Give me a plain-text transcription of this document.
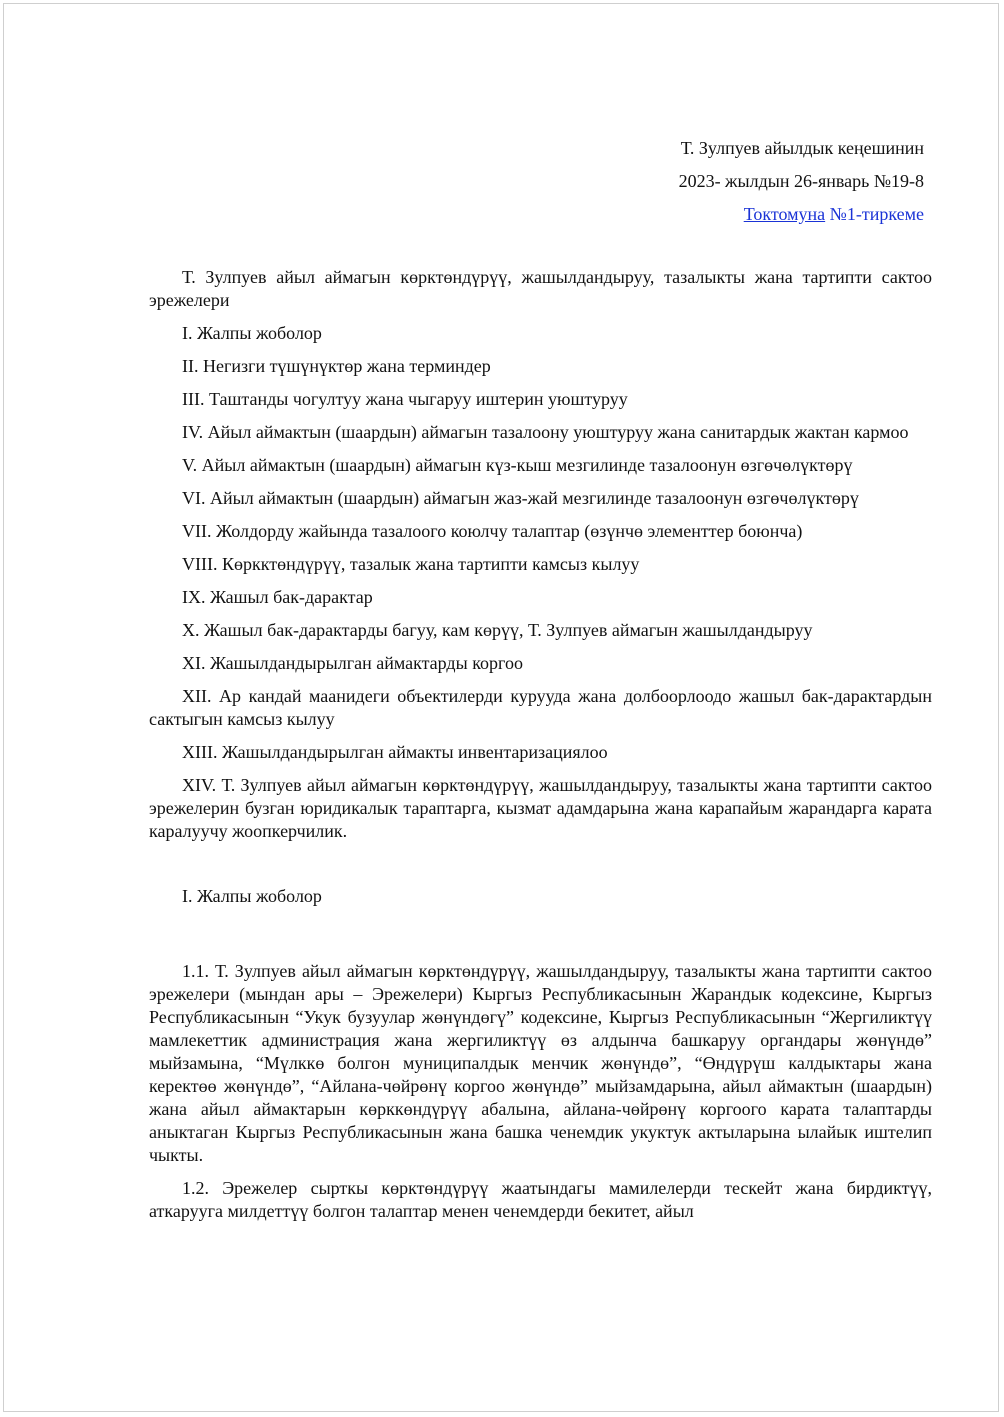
Т. Зулпуев айылдык кеңешинин
2023- жылдын 26-январь №19-8
Токтомуна №1-тиркеме

Т. Зулпуев айыл аймагын көрктөндүрүү, жашылдандыруу, тазалыкты жана тартипти сактоо эрежелери

I. Жалпы жоболор

II. Негизги түшүнүктөр жана терминдер

III. Таштанды чогултуу жана чыгаруу иштерин уюштуруу

IV. Айыл аймактын (шаардын) аймагын тазалоону уюштуруу жана санитардык жактан кармоо

V. Айыл аймактын (шаардын) аймагын күз-кыш мезгилинде тазалоонун өзгөчөлүктөрү

VI. Айыл аймактын (шаардын) аймагын жаз-жай мезгилинде тазалоонун өзгөчөлүктөрү

VII. Жолдорду жайында тазалоого коюлчу талаптар (өзүнчө элементтер боюнча)

VIII. Көркктөндүрүү, тазалык жана тартипти камсыз кылуу

IX. Жашыл бак-дарактар

X. Жашыл бак-дарактарды багуу, кам көрүү, Т. Зулпуев аймагын жашылдандыруу

XI. Жашылдандырылган аймактарды коргоо

XII. Ар кандай маанидеги объектилерди курууда жана долбоорлоодо жашыл бак-дарактардын сактыгын камсыз кылуу

XIII. Жашылдандырылган аймакты инвентаризациялоо

XIV. Т. Зулпуев айыл аймагын көрктөндүрүү, жашылдандыруу, тазалыкты жана тартипти сактоо эрежелерин бузган юридикалык тараптарга, кызмат адамдарына жана карапайым жарандарга карата каралуучу жоопкерчилик.

I. Жалпы жоболор

1.1. Т. Зулпуев айыл аймагын көрктөндүрүү, жашылдандыруу, тазалыкты жана тартипти сактоо эрежелери (мындан ары – Эрежелери) Кыргыз Республикасынын Жарандык кодексине, Кыргыз Республикасынын “Укук бузуулар жөнүндөгү” кодексине, Кыргыз Республикасынын “Жергиликтүү мамлекеттик администрация жана жергиликтүү өз алдынча башкаруу органдары жөнүндө” мыйзамына, “Мүлккө болгон муниципалдык менчик жөнүндө”, “Өндүрүш калдыктары жана керектөө жөнүндө”, “Айлана-чөйрөнү коргоо жөнүндө” мыйзамдарына, айыл аймактын (шаардын) жана айыл аймактарын көрккөндүрүү абалына, айлана-чөйрөнү коргоого карата талаптарды аныктаган Кыргыз Республикасынын жана башка ченемдик укуктук актыларына ылайык иштелип чыкты.

1.2. Эрежелер сырткы көрктөндүрүү жаатындагы мамилелерди тескейт жана бирдиктүү, аткарууга милдеттүү болгон талаптар менен ченемдерди бекитет, айыл
